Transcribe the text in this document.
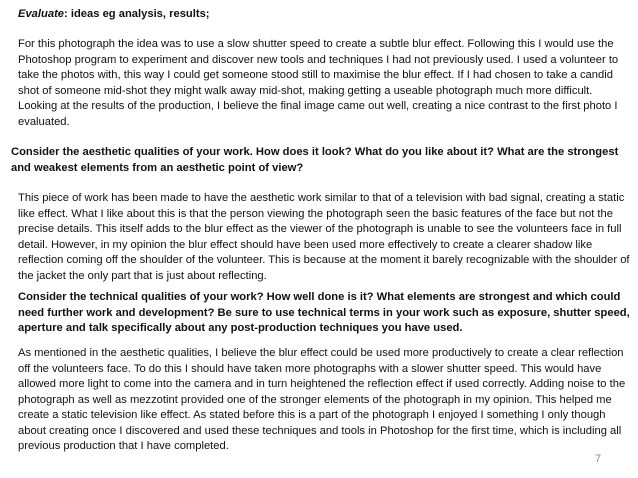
Evaluate: ideas eg analysis, results;

For this photograph the idea was to use a slow shutter speed to create a subtle blur effect. Following this I would use the Photoshop program to experiment and discover new tools and techniques I had not previously used. I used a volunteer to take the photos with, this way I could get someone stood still to maximise the blur effect. If I had chosen to take a candid shot of someone mid-shot they might walk away mid-shot, making getting a useable photograph much more difficult. Looking at the results of the production, I believe the final image came out well, creating a nice contrast to the first photo I evaluated.

Consider the aesthetic qualities of your work. How does it look? What do you like about it? What are the strongest and weakest elements from an aesthetic point of view?

This piece of work has been made to have the aesthetic work similar to that of a television with bad signal, creating a static like effect. What I like about this is that the person viewing the photograph seen the basic features of the face but not the precise details. This itself adds to the blur effect as the viewer of the photograph is unable to see the volunteers face in full detail. However, in my opinion the blur effect should have been used more effectively to create a clearer shadow like reflection coming off the shoulder of the volunteer. This is because at the moment it barely recognizable with the shoulder of the jacket the only part that is just about reflecting.

Consider the technical qualities of your work? How well done is it? What elements are strongest and which could need further work and development? Be sure to use technical terms in your work such as exposure, shutter speed, aperture and talk specifically about any post-production techniques you have used.

As mentioned in the aesthetic qualities, I believe the blur effect could be used more productively to create a clear reflection off the volunteers face. To do this I should have taken more photographs with a slower shutter speed. This would have allowed more light to come into the camera and in turn heightened the reflection effect if used correctly. Adding noise to the photograph as well as mezzotint provided one of the stronger elements of the photograph in my opinion. This helped me create a static television like effect. As stated before this is a part of the photograph I enjoyed I something I only though about creating once I discovered and used these techniques and tools in Photoshop for the first time, which is including all previous production that I have completed.

7
